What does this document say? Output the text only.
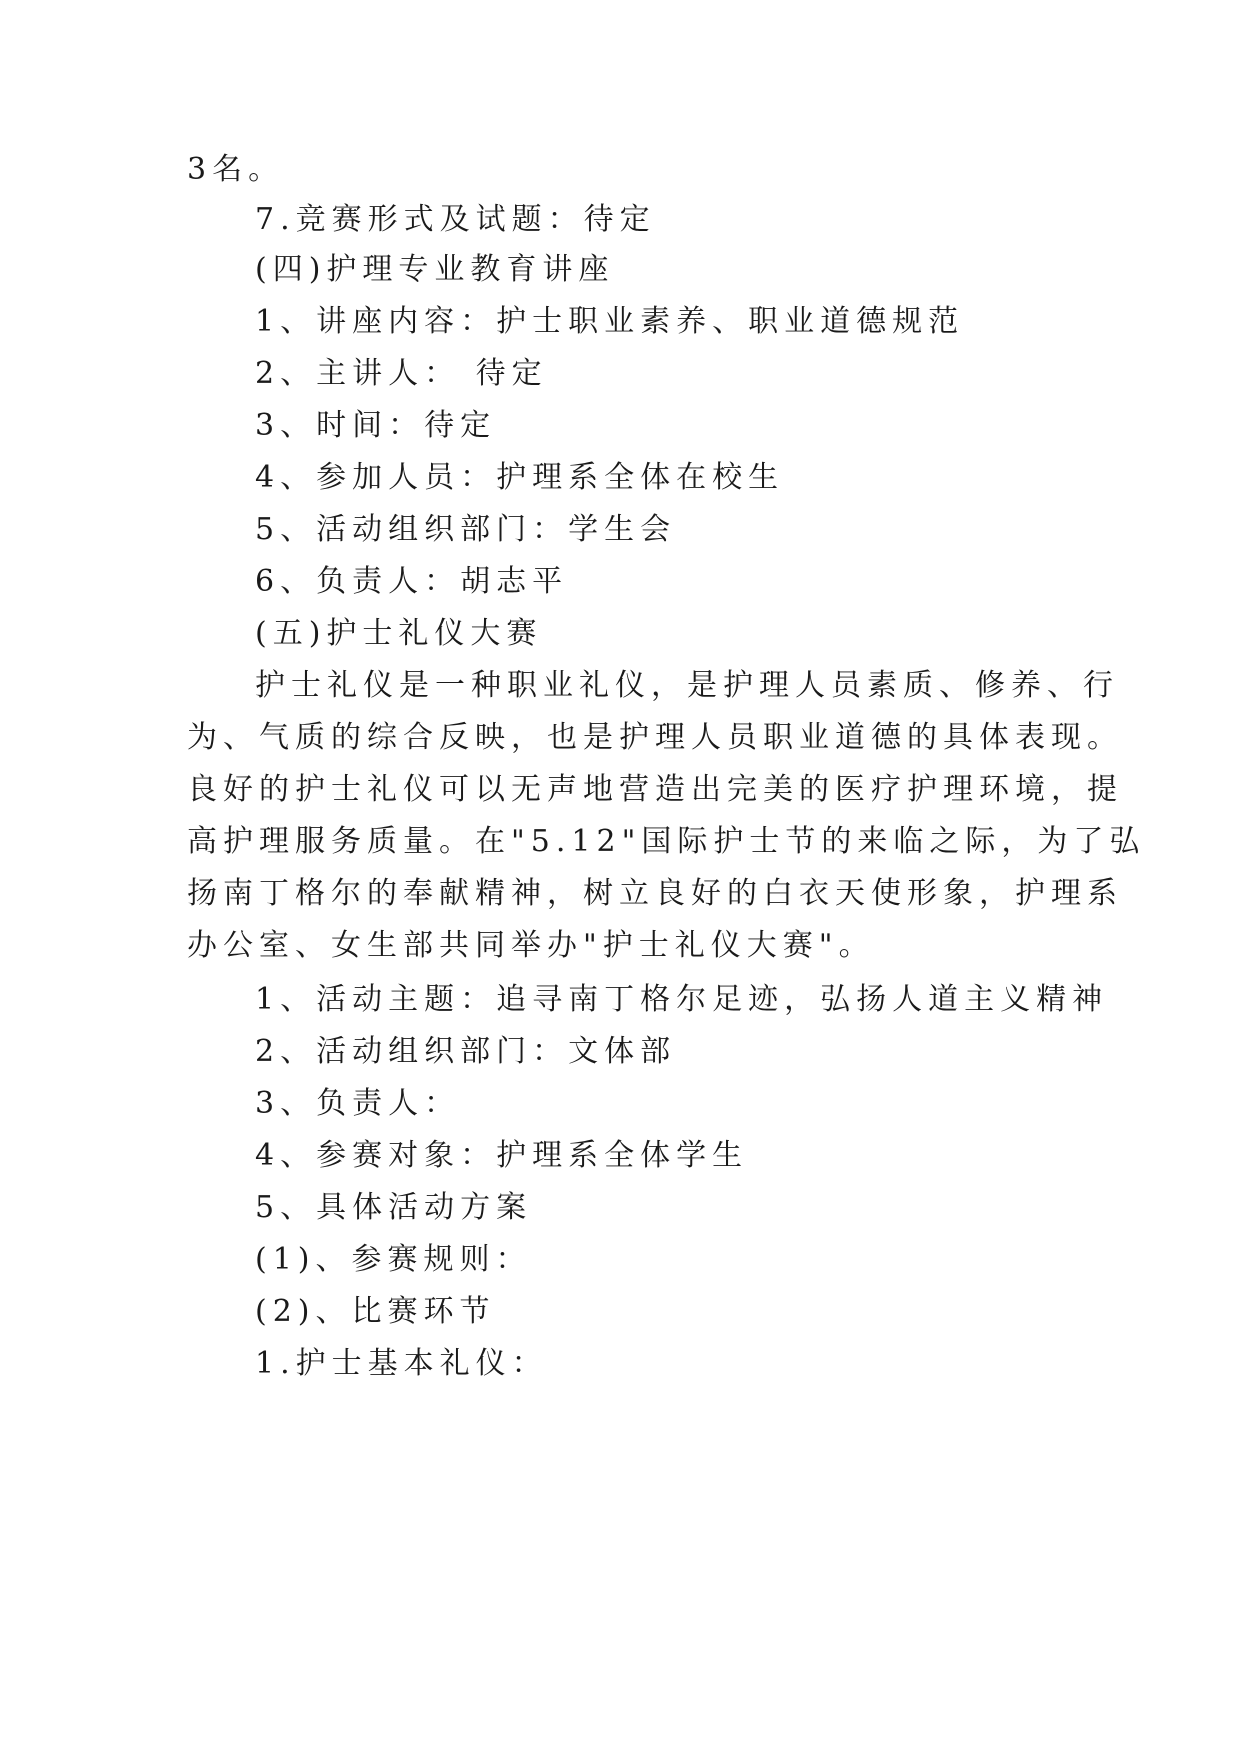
3名。
7.竞赛形式及试题：待定
(四)护理专业教育讲座
1、讲座内容：护士职业素养、职业道德规范
2、主讲人： 待定
3、时间：待定
4、参加人员：护理系全体在校生
5、活动组织部门：学生会
6、负责人：胡志平
(五)护士礼仪大赛
护士礼仪是一种职业礼仪，是护理人员素质、修养、行
为、气质的综合反映，也是护理人员职业道德的具体表现。
良好的护士礼仪可以无声地营造出完美的医疗护理环境，提
高护理服务质量。在"5.12"国际护士节的来临之际，为了弘
扬南丁格尔的奉献精神，树立良好的白衣天使形象，护理系
办公室、女生部共同举办"护士礼仪大赛"。
1、活动主题：追寻南丁格尔足迹，弘扬人道主义精神
2、活动组织部门：文体部
3、负责人：
4、参赛对象：护理系全体学生
5、具体活动方案
(1)、参赛规则：
(2)、比赛环节
1.护士基本礼仪：
